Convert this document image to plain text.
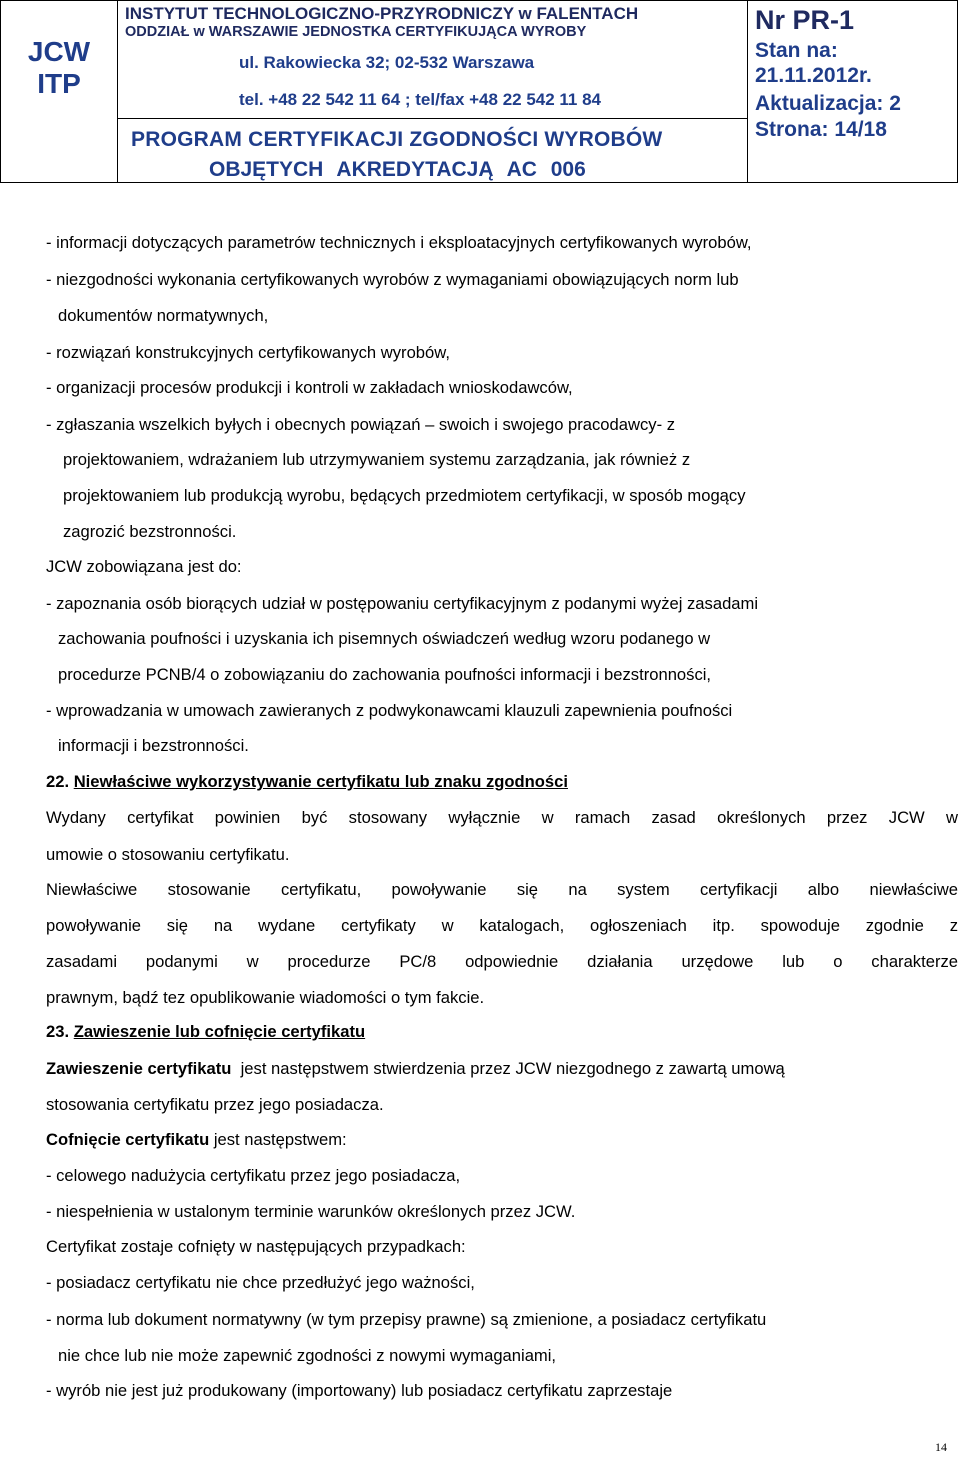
JCW
ITP
INSTYTUT TECHNOLOGICZNO-PRZYRODNICZY w FALENTACH
ODDZIAŁ w WARSZAWIE JEDNOSTKA CERTYFIKUJĄCA WYROBY
ul. Rakowiecka 32; 02-532 Warszawa
tel. +48 22 542 11 64 ; tel/fax +48 22 542 11 84
PROGRAM CERTYFIKACJI ZGODNOŚCI WYROBÓW
OBJĘTYCH AKREDYTACJĄ AC 006
Nr PR-1
Stan na:
21.11.2012r.
Aktualizacja: 2
Strona: 14/18
- informacji dotyczących parametrów technicznych i eksploatacyjnych certyfikowanych wyrobów,
- niezgodności wykonania certyfikowanych wyrobów z wymaganiami obowiązujących norm lub
dokumentów normatywnych,
- rozwiązań konstrukcyjnych certyfikowanych wyrobów,
- organizacji procesów produkcji i kontroli w zakładach wnioskodawców,
- zgłaszania wszelkich byłych i obecnych powiązań – swoich i swojego pracodawcy- z
projektowaniem, wdrażaniem lub utrzymywaniem systemu zarządzania, jak również z
projektowaniem lub produkcją wyrobu, będących przedmiotem certyfikacji, w sposób mogący
zagrozić bezstronności.
JCW zobowiązana jest do:
- zapoznania osób biorących udział w postępowaniu certyfikacyjnym z podanymi wyżej zasadami
zachowania poufności i uzyskania ich pisemnych oświadczeń według wzoru podanego w
procedurze PCNB/4 o zobowiązaniu do zachowania poufności informacji i bezstronności,
- wprowadzania w umowach zawieranych z podwykonawcami klauzuli zapewnienia poufności
informacji i bezstronności.
22. Niewłaściwe wykorzystywanie certyfikatu lub znaku zgodności
Wydany certyfikat powinien być stosowany wyłącznie w ramach zasad określonych przez JCW w
umowie o stosowaniu certyfikatu.
Niewłaściwe stosowanie certyfikatu, powoływanie się na system certyfikacji albo niewłaściwe
powoływanie się na wydane certyfikaty w katalogach, ogłoszeniach itp. spowoduje zgodnie z
zasadami podanymi w procedurze PC/8 odpowiednie działania urzędowe lub o charakterze
prawnym, bądź tez opublikowanie wiadomości o tym fakcie.
23. Zawieszenie lub cofnięcie certyfikatu
Zawieszenie certyfikatu jest następstwem stwierdzenia przez JCW niezgodnego z zawartą umową
stosowania certyfikatu przez jego posiadacza.
Cofnięcie certyfikatu jest następstwem:
- celowego nadużycia certyfikatu przez jego posiadacza,
- niespełnienia w ustalonym terminie warunków określonych przez JCW.
Certyfikat zostaje cofnięty w następujących przypadkach:
- posiadacz certyfikatu nie chce przedłużyć jego ważności,
- norma lub dokument normatywny (w tym przepisy prawne) są zmienione, a posiadacz certyfikatu
nie chce lub nie może zapewnić zgodności z nowymi wymaganiami,
- wyrób nie jest już produkowany (importowany) lub posiadacz certyfikatu zaprzestaje
14
